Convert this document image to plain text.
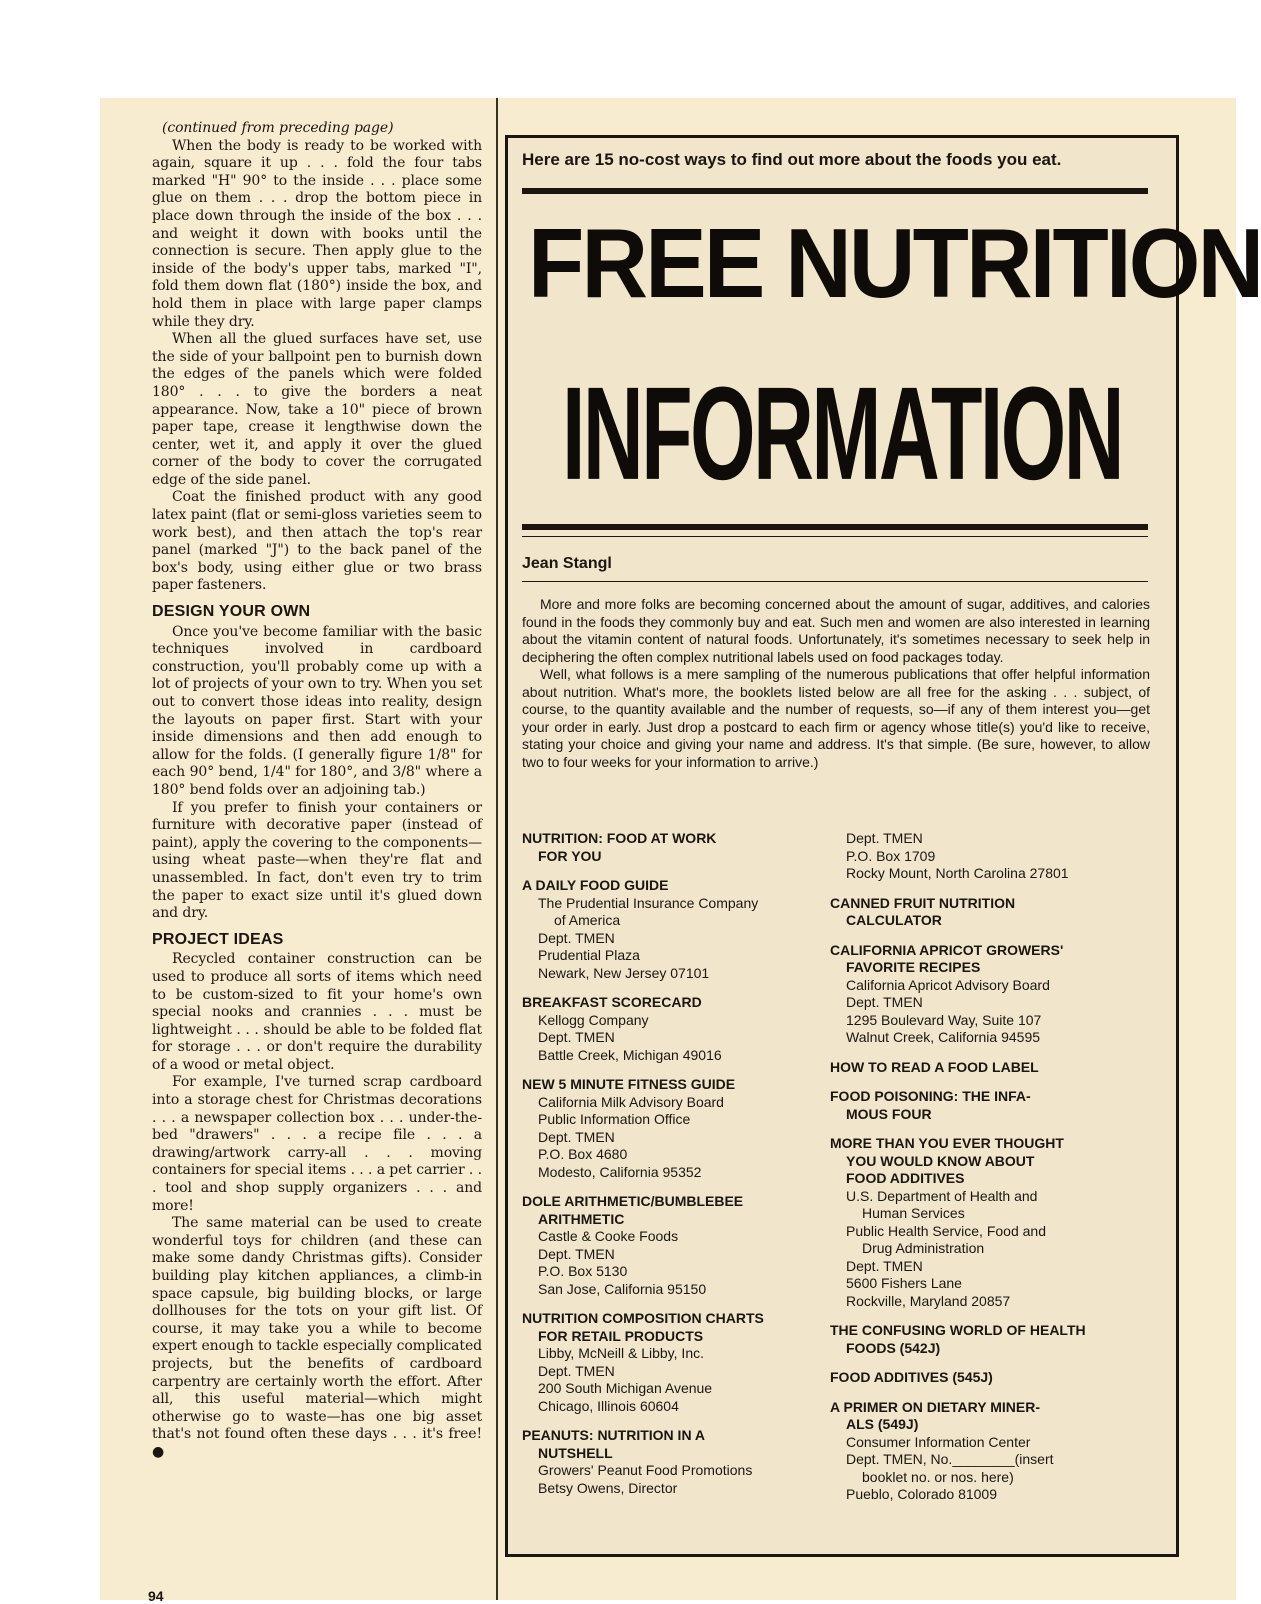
(continued from preceding page)

When the body is ready to be worked with again, square it up . . . fold the four tabs marked "H" 90° to the inside . . . place some glue on them . . . drop the bottom piece in place down through the inside of the box . . . and weight it down with books until the connection is secure. Then apply glue to the inside of the body's upper tabs, marked "I", fold them down flat (180°) inside the box, and hold them in place with large paper clamps while they dry.

When all the glued surfaces have set, use the side of your ballpoint pen to burnish down the edges of the panels which were folded 180° . . . to give the borders a neat appearance. Now, take a 10" piece of brown paper tape, crease it lengthwise down the center, wet it, and apply it over the glued corner of the body to cover the corrugated edge of the side panel.

Coat the finished product with any good latex paint (flat or semi-gloss varieties seem to work best), and then attach the top's rear panel (marked "J") to the back panel of the box's body, using either glue or two brass paper fasteners.

DESIGN YOUR OWN

Once you've become familiar with the basic techniques involved in cardboard construction, you'll probably come up with a lot of projects of your own to try. When you set out to convert those ideas into reality, design the layouts on paper first. Start with your inside dimensions and then add enough to allow for the folds. (I generally figure 1/8" for each 90° bend, 1/4" for 180°, and 3/8" where a 180° bend folds over an adjoining tab.)

If you prefer to finish your containers or furniture with decorative paper (instead of paint), apply the covering to the components—using wheat paste—when they're flat and unassembled. In fact, don't even try to trim the paper to exact size until it's glued down and dry.

PROJECT IDEAS

Recycled container construction can be used to produce all sorts of items which need to be custom-sized to fit your home's own special nooks and crannies . . . must be lightweight . . . should be able to be folded flat for storage . . . or don't require the durability of a wood or metal object.

For example, I've turned scrap cardboard into a storage chest for Christmas decorations . . . a newspaper collection box . . . under-the-bed "drawers" . . . a recipe file . . . a drawing/artwork carry-all . . . moving containers for special items . . . a pet carrier . . . tool and shop supply organizers . . . and more!

The same material can be used to create wonderful toys for children (and these can make some dandy Christmas gifts). Consider building play kitchen appliances, a climb-in space capsule, big building blocks, or large dollhouses for the tots on your gift list. Of course, it may take you a while to become expert enough to tackle especially complicated projects, but the benefits of cardboard carpentry are certainly worth the effort. After all, this useful material—which might otherwise go to waste—has one big asset that's not found often these days . . . it's free! ●

94
Here are 15 no-cost ways to find out more about the foods you eat.
FREE NUTRITION
INFORMATION
Jean Stangl

More and more folks are becoming concerned about the amount of sugar, additives, and calories found in the foods they commonly buy and eat. Such men and women are also interested in learning about the vitamin content of natural foods. Unfortunately, it's sometimes necessary to seek help in deciphering the often complex nutritional labels used on food packages today.

Well, what follows is a mere sampling of the numerous publications that offer helpful information about nutrition. What's more, the booklets listed below are all free for the asking . . . subject, of course, to the quantity available and the number of requests, so—if any of them interest you—get your order in early. Just drop a postcard to each firm or agency whose title(s) you'd like to receive, stating your choice and giving your name and address. It's that simple. (Be sure, however, to allow two to four weeks for your information to arrive.)

NUTRITION: FOOD AT WORK
FOR YOU
A DAILY FOOD GUIDE
The Prudential Insurance Company
of America
Dept. TMEN
Prudential Plaza
Newark, New Jersey 07101
BREAKFAST SCORECARD
Kellogg Company
Dept. TMEN
Battle Creek, Michigan 49016
NEW 5 MINUTE FITNESS GUIDE
California Milk Advisory Board
Public Information Office
Dept. TMEN
P.O. Box 4680
Modesto, California 95352
DOLE ARITHMETIC/BUMBLEBEE
ARITHMETIC
Castle & Cooke Foods
Dept. TMEN
P.O. Box 5130
San Jose, California 95150
NUTRITION COMPOSITION CHARTS
FOR RETAIL PRODUCTS
Libby, McNeill & Libby, Inc.
Dept. TMEN
200 South Michigan Avenue
Chicago, Illinois 60604
PEANUTS: NUTRITION IN A
NUTSHELL
Growers' Peanut Food Promotions
Betsy Owens, Director
Dept. TMEN
P.O. Box 1709
Rocky Mount, North Carolina 27801
CANNED FRUIT NUTRITION
CALCULATOR
CALIFORNIA APRICOT GROWERS'
FAVORITE RECIPES
California Apricot Advisory Board
Dept. TMEN
1295 Boulevard Way, Suite 107
Walnut Creek, California 94595
HOW TO READ A FOOD LABEL
FOOD POISONING: THE INFA-
MOUS FOUR
MORE THAN YOU EVER THOUGHT
YOU WOULD KNOW ABOUT
FOOD ADDITIVES
U.S. Department of Health and
Human Services
Public Health Service, Food and
Drug Administration
Dept. TMEN
5600 Fishers Lane
Rockville, Maryland 20857
THE CONFUSING WORLD OF HEALTH
FOODS (542J)
FOOD ADDITIVES (545J)
A PRIMER ON DIETARY MINER-
ALS (549J)
Consumer Information Center
Dept. TMEN, No.________(insert
booklet no. or nos. here)
Pueblo, Colorado 81009
